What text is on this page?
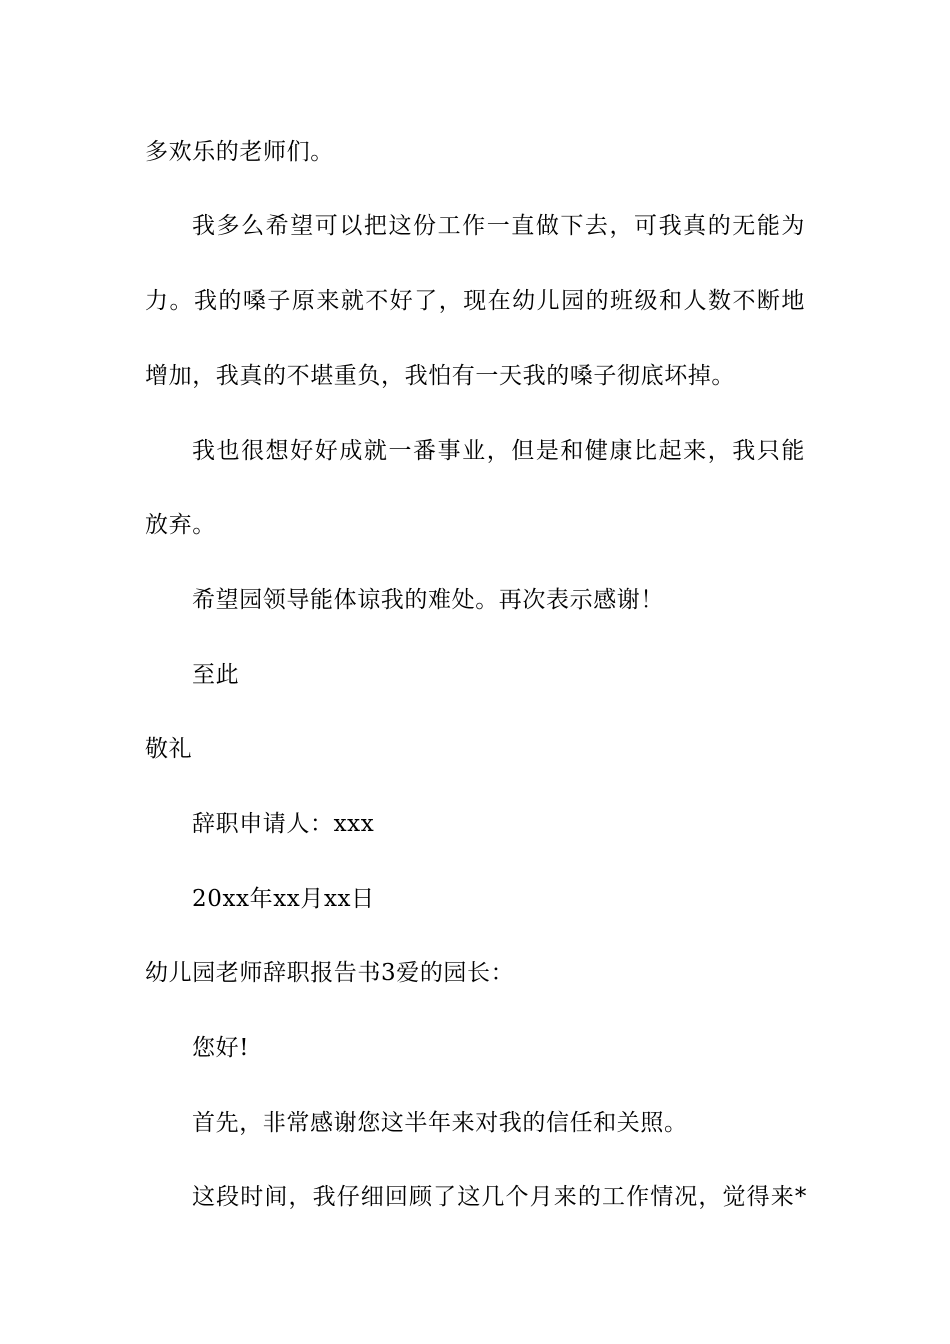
多欢乐的老师们。
我多么希望可以把这份工作一直做下去，可我真的无能为
力。我的嗓子原来就不好了，现在幼儿园的班级和人数不断地
增加，我真的不堪重负，我怕有一天我的嗓子彻底坏掉。
我也很想好好成就一番事业，但是和健康比起来，我只能
放弃。
希望园领导能体谅我的难处。再次表示感谢！
至此
敬礼
辞职申请人：xxx
20xx年xx月xx日
幼儿园老师辞职报告书3爱的园长：
您好!
首先，非常感谢您这半年来对我的信任和关照。
这段时间，我仔细回顾了这几个月来的工作情况，觉得来*
